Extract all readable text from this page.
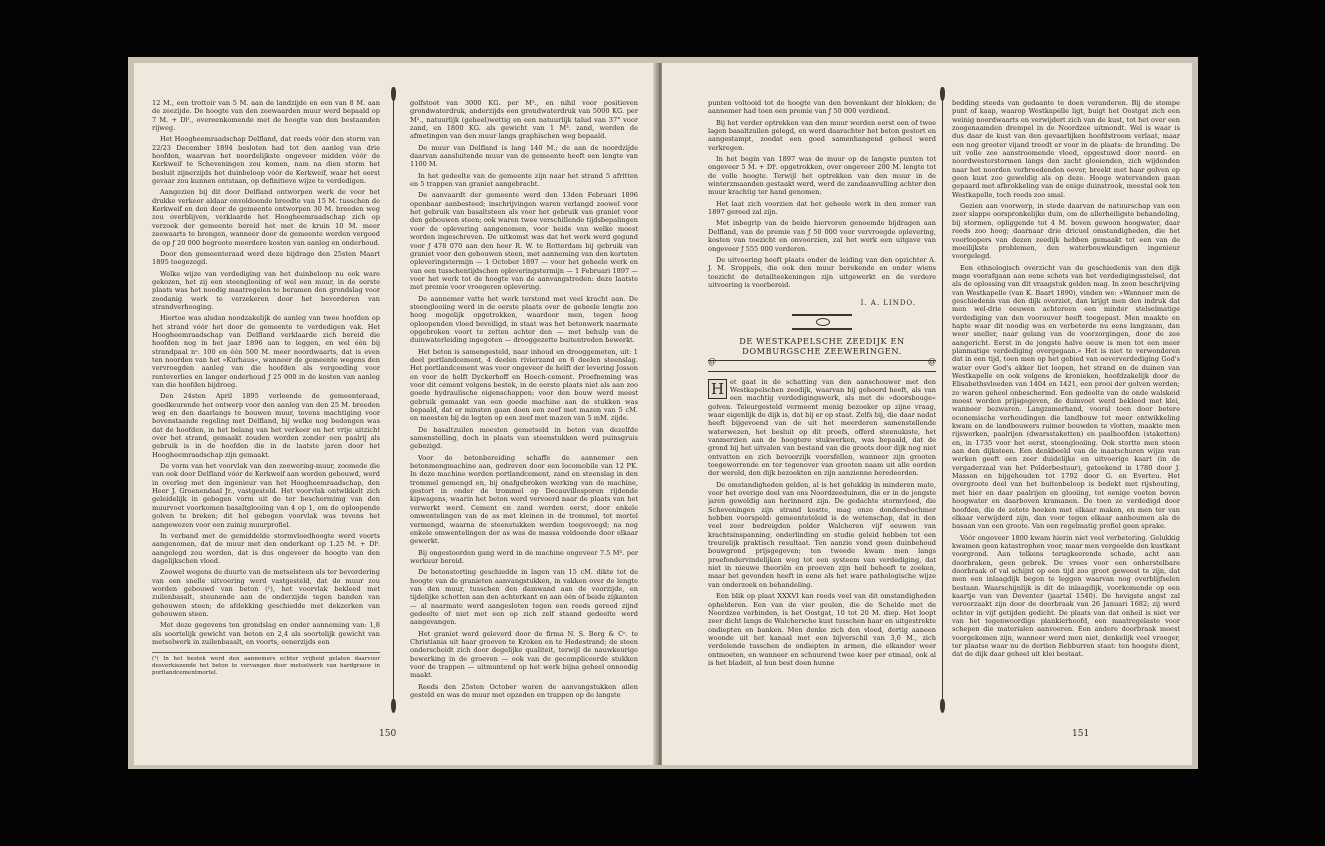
12 M., een trottoir van 5 M. aan de landzijde en een van 8 M. aan de zeezijde. De hoogte van den zeewaarden muur werd bepaald op 7 M. + Dlᶠ., overeenkomende met de hoogte van den bestaanden rijweg.

Het Hoogheemraadschap Delfland, dat reeds vóór den storm van 22/23 December 1894 besloten had tot den aanleg van drie hoofden, waarvan het noordelijkste ongeveer midden vóór de Kerkweif te Scheveningen zou komen, nam na dien storm het besluit zijnerzijds het duinbeloop vóór de Kerkweif, waar het eerst gevaar zou kunnen ontstaan, op definitieve wijze te verdedigen.

Aangezien bij dit door Delfland ontworpen werk de voor het drukke verkeer aldaar onvoldoende breedte van 15 M. tusschen de Kerkweif en den door de gemeente ontworpen 30 M. breeden weg zou overblijven, verklaarde het Hoogheemraadschap zich op verzoek der gemeente bereid het met de kruin 10 M. meer zeewaarts te brengen, wanneer door de gemeente werden vergoed de op ƒ 20 000 begroote meerdere kosten van aanleg en onderhoud.

Door den gemeenteraad werd deze bijdrage den 25sten Maart 1895 toegezegd.

Welke wijze van verdediging van het duinbeloop nu ook ware gekozen, het zij een steenglooiing of wel een muur, in de eerste plaats was het noodig maatregelen te beramen den grondslag voor zoodanig werk te verzekeren door het bevorderen van strandverhooging.

Hiertoe was alsdan noodzakelijk de aanleg van twee hoofden op het strand vóór het door de gemeente te verdedigen vak. Het Hoogheemraadschap van Delfland verklaarde zich bereid die hoofden nog in het jaar 1896 aan te leggen, en wel één bij strandpaal nᵒ. 100 en één 500 M. meer noordwaarts, dat is even ten noorden van het »Kurhaus«, wanneer de gemeente wegens den vervroegden aanleg van die hoofden als vergoeding voor renteverlies en langer onderhoud ƒ 25 000 in de kosten van aanleg van die hoofden bijdroeg.

Den 24sten April 1895 verleende de gemeenteraad, goedkeurende het ontwerp voor den aanleg van den 25 M. breeden weg en den daarlangs te bouwen muur, tevens machtiging voor bovenstaande regeling met Delfland, bij welke nog bedongen was dat de hoofden, in het belang van het verkeer en het vrije uitzicht over het strand, gemaakt zouden worden zonder een paalrij als gebruik is in de hoofden die in de laatste jaren door het Hoogheemraadschap zijn gemaakt.

De vorm van het voorvlak van den zeewering-muur, zoomede die van ook door Delfland vóór de Kerkweif aan worden gebouwd, werd in overleg met den ingenieur van het Hoogheemraadschap, den Heer J. Groenendaal Jr., vastgesteld. Het voorvlak ontwikkelt zich geleidelijk in gebogen vorm uit de ter beschermimg van den muurvoet voorkomen basaltglooiing van 4 op 1, om de oploopende golven te breken; dit hol gebogen voorvlak was tevens het aangewezen voor een zuinig muurprofiel.

In verband met de gemiddelde stormvloedhoogte werd voorts aangenomen, dat de muur met den onderkant op 1.25 M. + Dlᶠ. aangelegd zou worden, dat is dus ongeveer de hoogte van den dagelijkschen vloed.

Zoowel wegens de duurte van de metselsteen als ter bevordering van een snelle uitvoering werd vastgesteld, dat de muur zou worden gebouwd van beton (¹), het voorvlak bekleed met zuilenbasalt, steunende aan de onderzijde tegen banden van gehouwen steen; de afdekking geschiedde met dekzerken van gehouwen steen.

Met deze gegevens ten grondslag en onder aanneming van: 1,8 als soortelijk gewicht van beton en 2,4 als soortelijk gewicht van metselwerk in zuilenbasalt, en voorts, eenerzijds een

(¹) In het bestek werd den aannemers echter vrijheid gelaten daarvoor desverkiezende het beton te vervangen door metselwerk van hardgrauw in portlandcementmortel.

golfstoot van 3000 KG. per M²., en nihil voor positieven grondwaterdruk, anderzijds een grondwaterdruk van 5000 KG. per M²., natuurlijk (geheel)wettig en een natuurlijk talud van 37° voor zand, en 1800 KG. als gewicht van 1 M³. zand, werden de afmetingen van den muur langs graphischen weg bepaald.

De muur van Delfland is lang 140 M.; de aan de noordzijde daarvan aansluitende muur van de gemeente heeft een lengte van 1100 M.

In het gedeelte van de gemeente zijn naar het strand 5 afritten en 5 trappen van graniet aangebracht.

De aanvaardt der gemeente werd den 13den Februari 1896 openbaar aanbesteed; inschrijvingen waren verlangd zoowel voor het gebruik van basaltsteen als voor het gebruik van graniet voor den gebouwen steen; ook waren twee verschillende tijdsbepalingen voor de oplevering aangenomen, voor beide van welke moest worden ingeschreven. De uitkomst was dat het werk werd gegund voor ƒ 478 070 aan den heer R. W. te Rotterdam bij gebruik van graniet voor den gebouwen steen, met aanneming van den kortsten opleveringstermijn — 1 October 1897 — voor het geheele werk en van een tusschentijdschen opleveringstermijn — 1 Februari 1897 — voor het werk tot de hoogte van de aanvangstreden: deze laatste met premie voor vroegeren oplevering.

De aannemer vatte het werk terstond met veel kracht aan. De steenglooiing werd in de eerste plaats over de geheele lengte zoo hoog mogelijk opgetrokken, waardoor men, tegen hoog oploopenden vloed beveiligd, in staat was het betonwerk naarmate opgebroken voort te zetten achter den — met behulp van de duinwaterleiding ingegoten — drooggezette buitentreden bewerkt.

Het beton is samengesteld, naar inhoud en drooggemeten, uit: 1 deel portlandcement, 4 deelen rivierzand en 6 deelen steenslag. Het portlandcement was voor ongeveer de helft der levering Josson en voor de helft Dyckerhoff en Hoech-cement. Proefneming was voor dit cement volgens bestek, in de eerste plaats niet als aan zoo goede hydraulische eigenschappen; voor den bouw werd meest gebruik gemaakt van een goede machine aan de stukken was bepaald, dat er minsten gaan doen een zeef met mazen van 5 cM. en meesten bij de legten op een zeef met mazen van 5 mM. zijde.

De basaltzuilen moesten gemetseld in beton van dezelfde samenstelling, doch in plaats van steenstukken werd puinsgruis gebezigd.

Voor de betonbereiding schaffe de aannemer een betonmengmachine aan, gedreven door een locomobile van 12 PK. In deze machine werden portlandcement, zand en steenslag in den trommel gemengd en, bij onafgebroken werking van de machine, gestort in onder de trommel op Decauvillesporen rijdende kipwagens, waarin het beton werd vervoerd naar de plaats van het verwerkt werd. Cement en zand werden eerst, door enkele omwentelingen van de as met kleinen in de trommel, tot mortel vermengd, waarna de steenstukken werden toegevoegd; na nog enkele omwentelingen der as was de massa voldoende door elkaar gewerkt.

Bij ongestoorden gang werd in de machine ongeveer 7.5 M³. per werkuur bereid.

De betonstorting geschiedde in lagen van 15 cM. dikte tot de hoogte van de granieten aanvangstukken, in vakken over de lengte van den muur, tusschen den damwand aan de voorzijde, en tijdelijke schotten aan den achterkant en aan één of beide zijkanten — al naarmate werd aangesloten tegen een reeds gereed zijnd gedeelte of niet met een op zich zelf staand gedeelte werd aangevangen.

Het graniet werd geleverd door de firma N. S. Berg & Cᵒ. te Christiania uit haar groeven te Kroken en te Hedestrand; de steen onderscheidt zich door degelijke qualiteit, terwijl de nauwkeurige bewerking in de groeven — ook van de gecompliceerde stukken voor de trappen — uitmuntend op het werk bijna geheel onnoodig maakt.

Reeds den 25sten October waren de aanvangstukken allen gesteld en was de muur met opzeden en trappen op de langste

150

punten voltooid tot de hoogte van den bovenkant der blokken; de aannemer had toen een premie van ƒ 50 000 verdiend.

Bij het verder optrekken van den muur werden eerst een of twee lagen basaltzuilen gelegd, en werd daarachter het beton gestort en aangestampt, zoodat een goed samenhangend geheel werd verkregen.

In het begin van 1897 was de muur op de langste punten tot ongeveer 5 M. + Dlᶠ. opgetrokken, over ongeveer 200 M. lengte tot de volle hoogte. Terwijl het optrekken van den muur in de winterzmaanden gestaakt werd, werd de zandaanvulling achter den muur krachtig ter hand genomen.

Het laat zich voorzien dat het geheele werk in den zomer van 1897 gereed zal zijn.

Met inbegrip van de beide hiervoren genoemde bijdragen aan Delfland, van de premie van ƒ 50 000 voor vervroegde oplevering, kosten van toezicht en onvoorzien, zal het werk een uitgave van ongeveer ƒ 555 000 vorderen.

De uitvoering heeft plaats onder de leiding van den opzichter A. J. M. Sroppels, die ook den muur berekende en onder wiens toezicht de detailteekeningen zijn uitgewerkt en de verdere uitvoering is voorbereid.

I. A. LINDO.
DE WESTKAPELSCHE ZEEDIJK EN DOMBURGSCHE ZEEWERINGEN.
@ @
H et gaat in de schatting van den aanschouwer met den Westkapelschen zeedijk, waarvan bij gehoord heeft, als van een machtig verdedigingswerk, als met de »doorsbouge« golven. Teleurgesteld vermeent menig bezoeker op zijne vraag, waar eigenlijk de dijk is, dat bij er op staat. Zelfs bij, die daar nadat heeft bijgevoend van de uit het meerderen samenstellende waterwezen, het besluit op dit proefs, offerd steenukiste, het vanmerzien aan de hoogtere stukwerken, was bepaald, dat de grond bij het uitvalen van bestand van die groots door dijk nog niet ontvatten en zich bevoorzijk voorsfellen, wanneer zijn grooten toegeworrende en ter tegenover van grooten naam uit alle oorden der wereld, den dijk bezoekten en zijn aanzienne beredeerden.

De omstandigheden gelden, al is het gelukkig in minderen mate, voor het overige deel van ons Noordzeeduinen, die er in de jongste jaren geweldig aan herinnerd zijn. De gedachte stormvloed, die Scheveningen zijn strand kostte, mag onze dondersbochmer hebben voorspeld: gemeenteteleid is de wetenschap, dat in den veel zeer bedreigden polder Walcheren vijf eeuwen van krachtsinspanning, onderlinding en studie geleid hebben tot een treurelijk praktisch resultaat. Ten aanzie vond geen duinbehoud bouwgrond prijsgegeven; ten tweede kwam men langs proefondervindelijken weg tot een systeem van verdediging, dat niet in nieuwe theoriën en proeven zijn heil behoeft te zoeken, maar het gevonden heeft in eene als het ware pathologische wijze van onderzoek en behandeling.

Een blik op plaat XXXVI kan reeds veel van dit omstandigheden ophelderen. Een van de vier geulen, die de Schelde met de Noordzee verbinden, is het Oostgat, 10 tot 20 M. diep. Het loopt zeer dicht langs de Walchersche kust tusschen haar en uitgestrekte ondiepten en banken. Men denke zich den vloed, dertig aaneen woonde uit het kanaal met een bijverschil van 3,6 M., zich verdelende tusschen de ondiepten in armen, die elkander weer ontmoeten, en wanneer en schuurend twee keer per etmaal, ook al is het bladeit, al hun best doen hunne

bedding steeds van gedaante te doen veranderen. Bij de stompe punt of kaap, waarop Westkapelle ligt, buigt het Oostgat zich een weinig noordwaarts en verwijdert zich van de kust, tot het over een zoogenaamden drempel in de Noordzee uitmondt. Wel is waar is dus daar de kust van den gevaarlijken hoofdstroom verlaat, maar een nog grooter vijand treedt er voor in de plaats: de branding. De uit volle zee aanstroomende vloed, opgestuwd door noord- en noordwesterstormen langs den zacht glooienden, zich wijdenden naar het noorden verbreedenden oever, breekt met haar golven op geen kust zoo geweldig als op deze. Hooge watervanden gaan gepaard met afbrokkeling van de enige duinstrook, meestal ook ten Westkapelle, toch reeds zoo smal.

Gezien aan voorwerp, in stede daarvan de natuurschap van een zeer slappe oorspronkelijke duin, om de allerheiligste behandeling, bij stormen, opliggende tot 4 M. boven gewoon hoogwater, daar reeds zoo hoog; daarnaar drie dricuel omstandigheden, die het voorloopers van dezen zeedijk hebben gemaakt tot een van de moeilijkste problemen, den waterbouwkundigen ingenieur voorgelegd.

Een ethnologisch overzicht van de geschiedenis van den dijk mage voorafgaan aan eene schets van het verdedigingsstelsel, dat als de oplossing van dit vraagstuk gelden mag. In zoon beschrijving van Westkapelle (van K. Baart 1890), vinden we: »Wanneer men de geschiedenis van den dijk overziet, dan krijgt men den indruk dat men wel-drie eeuwen achtereen een minder stelselmatige verdediging van den voorouver heeft toegepast. Men maakte en hapte waar dit noodig was en verbeterde nu eens langzaam, dan weer sneller, naar gelang van de voorzorgingen, door de zee aangericht. Eerst in de jongste halve eeuw is men tot een meer planmatige verdediging overgegaan.« Het is niet te verwonderen dat in een tijd, toen men op het gebied van oeververdediging God's water over God's akker liet loopen, het strand en de duinen van Westkapelle en ook volgens de kronieken, hoofdzakelijk door de Elisabethsvloeden van 1404 en 1421, een prooi der golven werden; zo waren geheel onbeschermd. Een gedeelte van de onde walskeid moest worden prijsgegeven, de duinvoet werd bekleed met klei, wanneer bezwaren. Langzamerhand, vooral toen door betere economische verhoudingen die landbouw tot meer ontwikkeling kwam en de landbouwers ruimer bouwden te vlotten, maakte men rijswerken, paalrijen (dwarsstaketten) en paalhoofden (staketten) en, in 1735 voor het eerst, steenglooiing. Ook stortte men steen aan den dijksteen. Een denkbeeld van de maatschuren wijze van werken geeft een zeer duidelijke en uitvoerige kaart (in de vergaderzaal van het Polderbestuur), geteekend in 1780 door J. Masson en bijgehouden tot 1792 door G. en Everteu. Het overgroote deel van het buitenbeloop is bedekt met rijshouting, met hier en daar paalrijen en glooiing, tot eenige voeten boven hoogwater en daarboven kramanen. De toen ze verdedigd door hoofden, die de zetete hoeken met elkaar maken, en men ter van elkaar verwijderd zijn, dan voor tegen elkaar aanhoumen ala de basaan van een groote. Van een regelmatig profiel geen sprake.

Vóór ongeveer 1800 kwam hierin niet veel verbetering. Gelukkig kwamen geen katastrophen voor, maar men vergeelde den kustkant voorgrond. Aan telkens terugkeerende schade, acht aan doorbraken, geen gebrek. De vrees voor een onherstelbare doorbraak of val schijnt op een tijd zoo groot geweest te zijn, dat men een inlaagdijk begon te leggen waarvan nog overblijfselen bestaan. Waarschijnlijk is dit de inlaagdijk, voorkomende op een kaartje van van Deventer (jaartal 1540). De hevigste angst zal veroorzaakt zijn door de doorbraak van 26 Januari 1682; zij werd echter in vijf getijden gedicht. De plaats van dat onheil is niet ver van het tegenwoordige plankierhoofd, een maatregelaste voor schepen die materialen aanvoeren. Een andere doorbraak moest voorgekomen zijn, wanneer werd men niet, denkelijk veel vroeger, ter plaatse waar nu de dertien Rebburren staat: ten hoogste dient, dat de dijk daar geheel uit klei bestaat.

151
